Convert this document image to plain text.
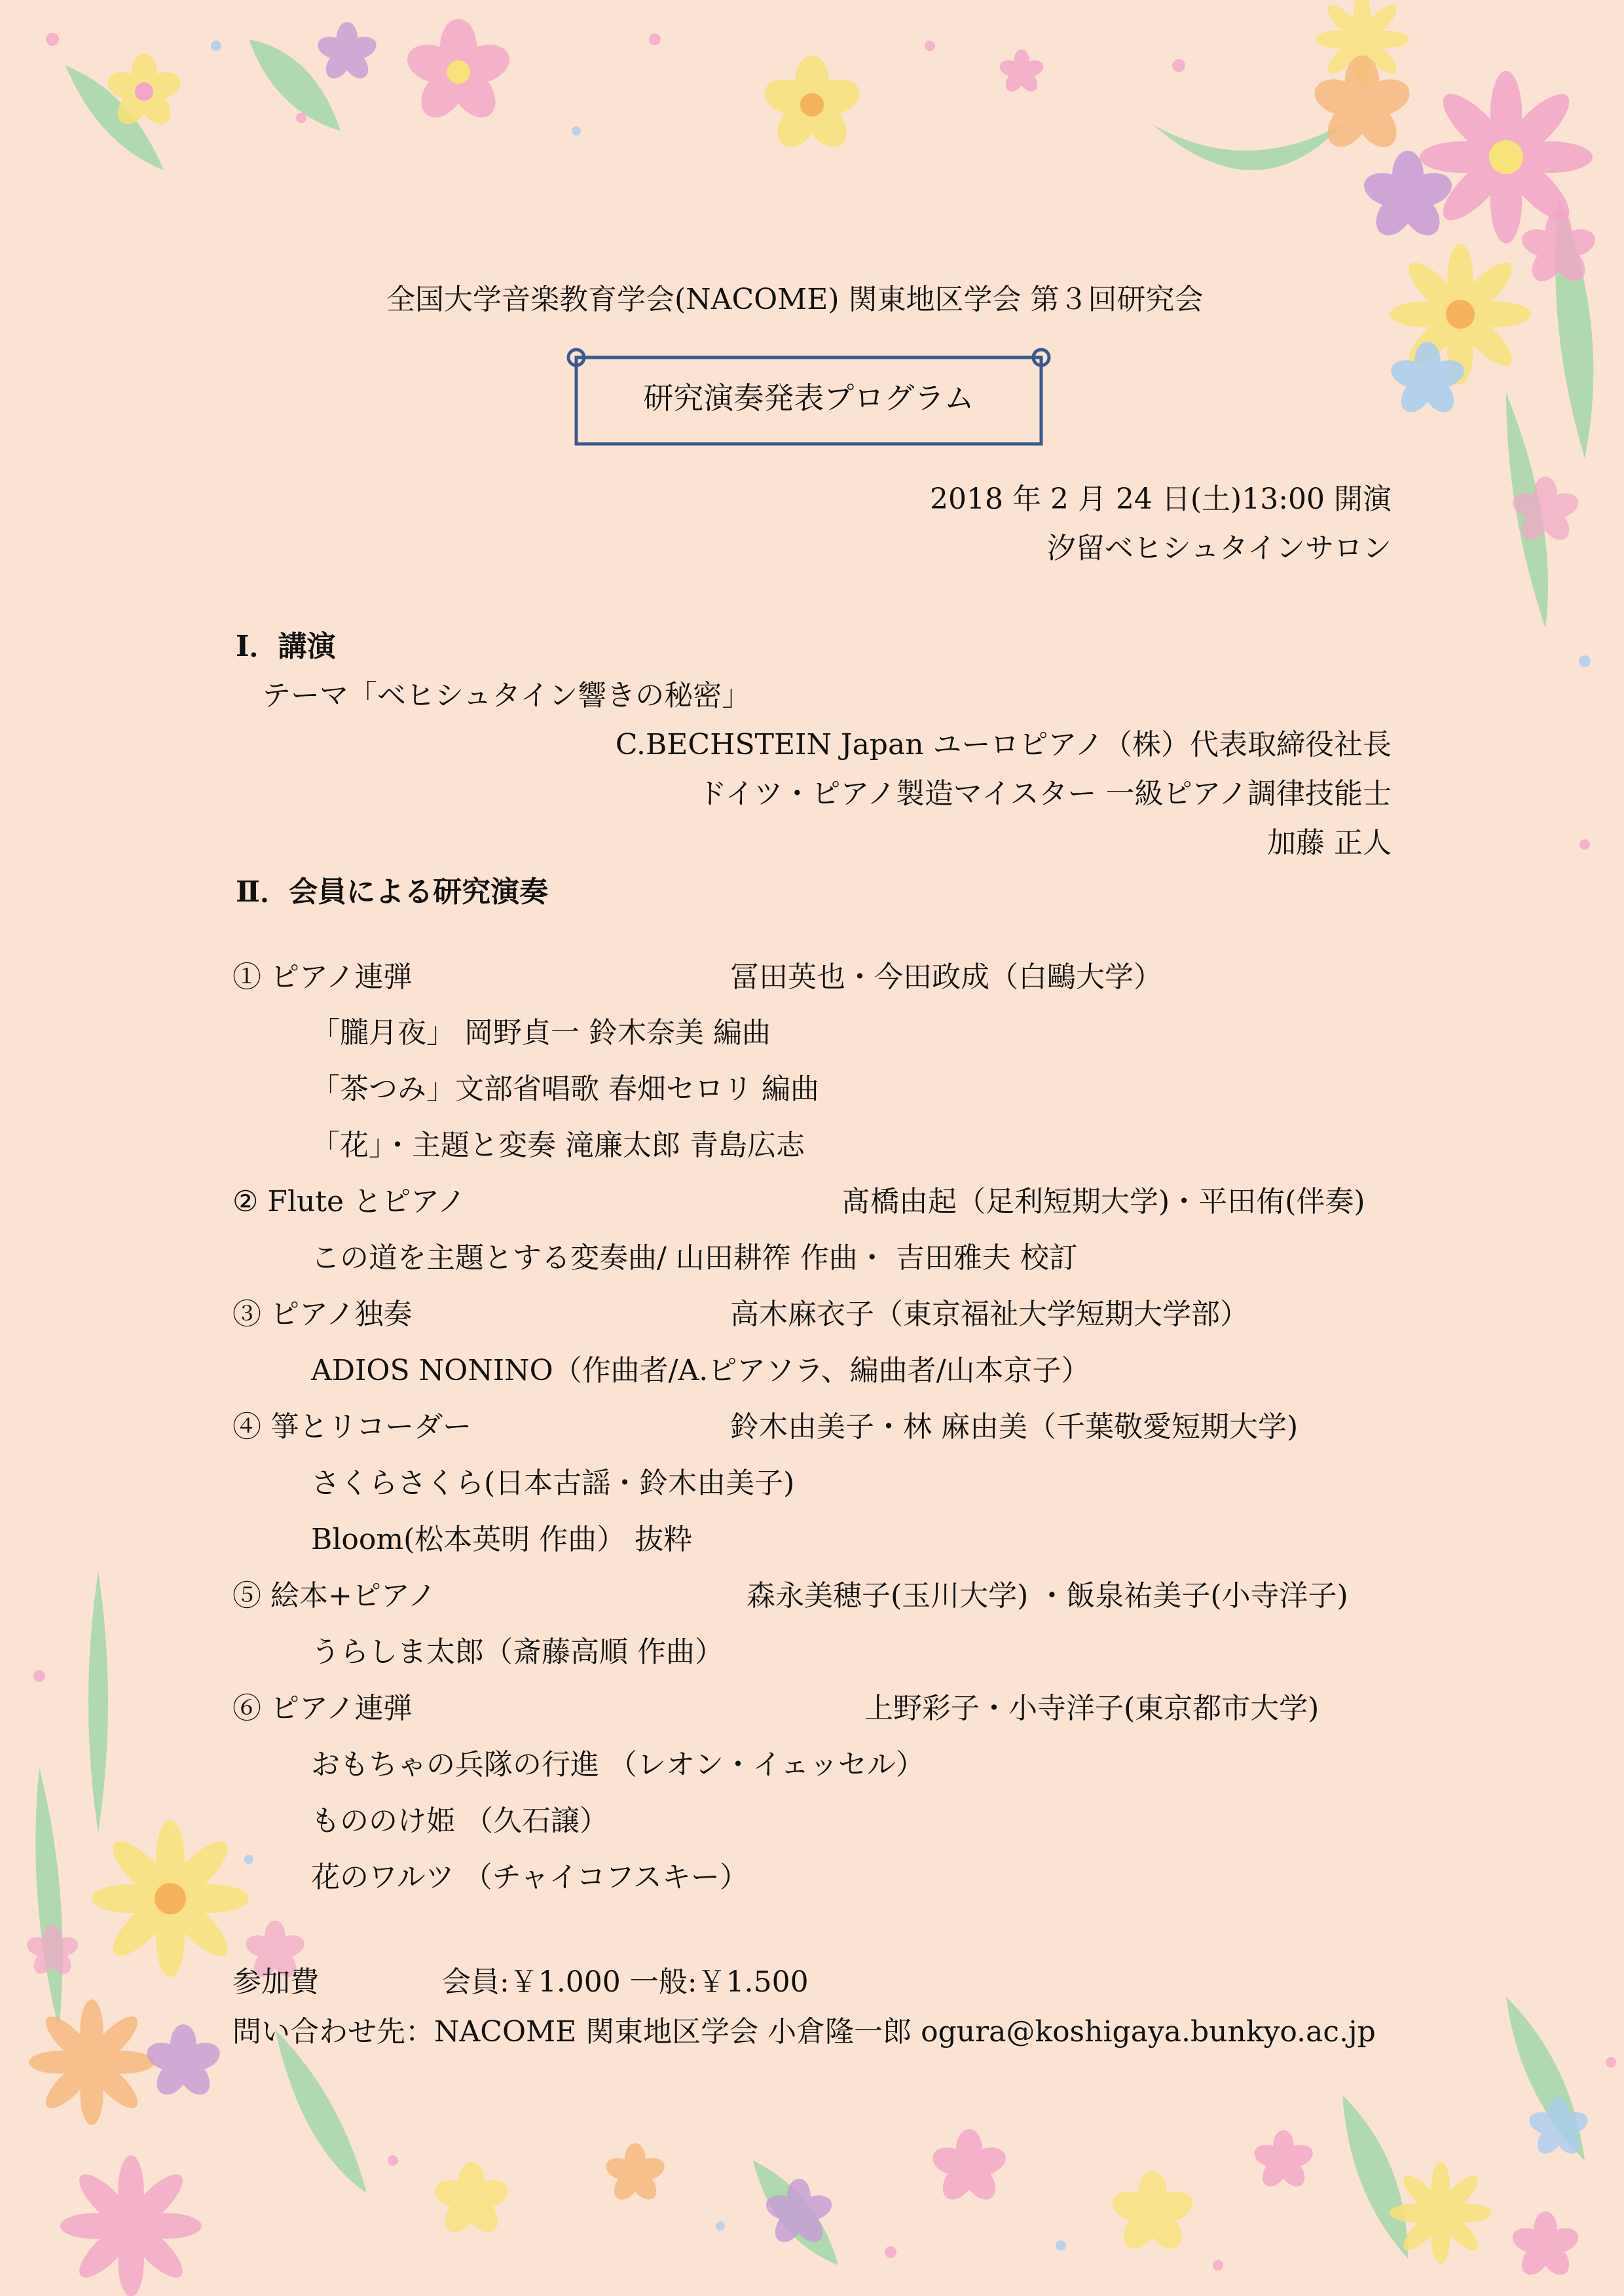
全国大学音楽教育学会(NACOME) 関東地区学会 第３回研究会
研究演奏発表プログラム
2018 年 2 月 24 日(土)13:00 開演
汐留ベヒシュタインサロン
Ⅰ．講演
テーマ「ベヒシュタイン響きの秘密」
C.BECHSTEIN Japan ユーロピアノ（株）代表取締役社長
ドイツ・ピアノ製造マイスター 一級ピアノ調律技能士
加藤 正人
Ⅱ．会員による研究演奏
① ピアノ連弾	冨田英也・今田政成（白鷗大学）
「朧月夜」 岡野貞一 鈴木奈美 編曲
「茶つみ」文部省唱歌 春畑セロリ 編曲
「花」・主題と変奏 滝廉太郎 青島広志
② Flute とピアノ	髙橋由起（足利短期大学)・平田侑(伴奏)
この道を主題とする変奏曲/ 山田耕筰 作曲・ 吉田雅夫 校訂
③ ピアノ独奏	高木麻衣子（東京福祉大学短期大学部）
ADIOS NONINO（作曲者/A.ピアソラ、編曲者/山本京子）
④ 箏とリコーダー	鈴木由美子・林 麻由美（千葉敬愛短期大学)
さくらさくら(日本古謡・鈴木由美子)
Bloom(松本英明 作曲） 抜粋
⑤ 絵本+ピアノ	森永美穂子(玉川大学) ・飯泉祐美子(小寺洋子)
うらしま太郎（斎藤高順 作曲）
⑥ ピアノ連弾	上野彩子・小寺洋子(東京都市大学)
おもちゃの兵隊の行進 （レオン・イェッセル）
もののけ姫 （久石譲）
花のワルツ （チャイコフスキー）
参加費	会員:￥1.000 一般:￥1.500
問い合わせ先：NACOME 関東地区学会 小倉隆一郎 ogura@koshigaya.bunkyo.ac.jp
